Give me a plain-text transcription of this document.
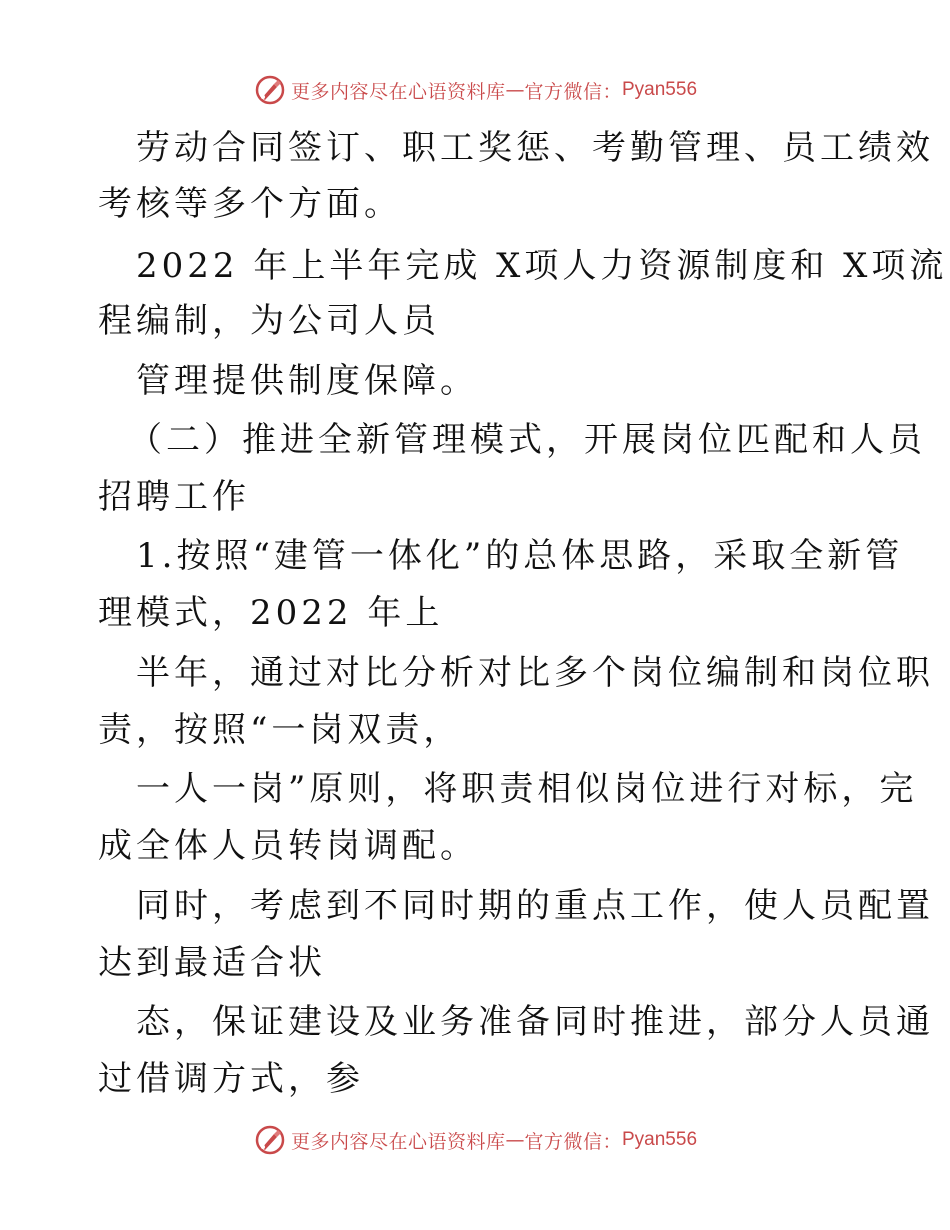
更多内容尽在心语资料库 — 官方微信： Pyan556
劳动合同签订、职工奖惩、考勤管理、员工绩效
考核等多个方面。
2022 年上半年完成 X项人力资源制度和 X项流
程编制，为公司人员
管理提供制度保障。
（二）推进全新管理模式，开展岗位匹配和人员
招聘工作
1.按照“建管一体化”的总体思路，采取全新管
理模式，2022 年上
半年，通过对比分析对比多个岗位编制和岗位职
责，按照“一岗双责，
一人一岗”原则，将职责相似岗位进行对标，完
成全体人员转岗调配。
同时，考虑到不同时期的重点工作，使人员配置
达到最适合状
态，保证建设及业务准备同时推进，部分人员通
过借调方式，参
更多内容尽在心语资料库 — 官方微信： Pyan556
